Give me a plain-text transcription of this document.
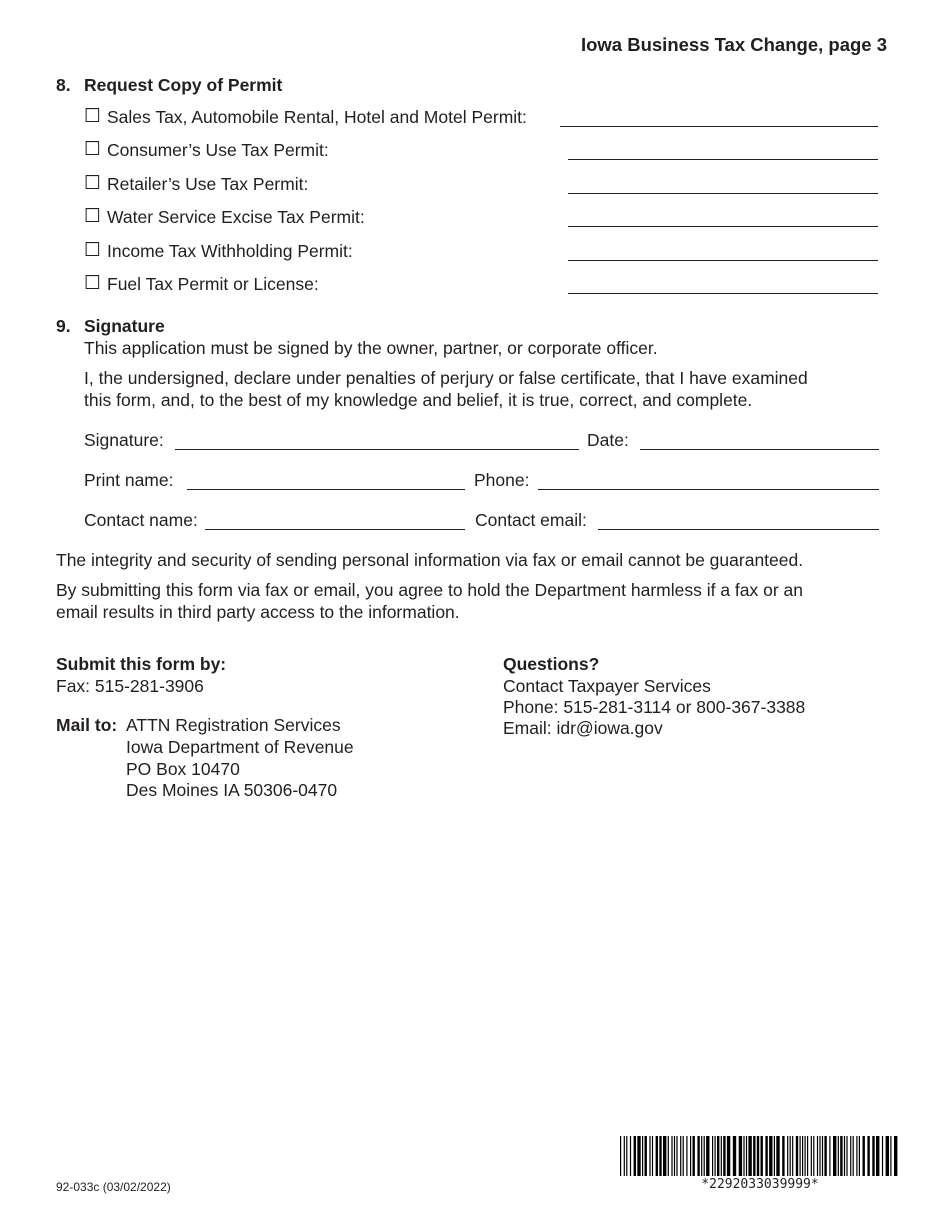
Iowa Business Tax Change, page 3
8. Request Copy of Permit
☐ Sales Tax, Automobile Rental, Hotel and Motel Permit:
☐ Consumer’s Use Tax Permit:
☐ Retailer’s Use Tax Permit:
☐ Water Service Excise Tax Permit:
☐ Income Tax Withholding Permit:
☐ Fuel Tax Permit or License:
9. Signature
This application must be signed by the owner, partner, or corporate officer.
I, the undersigned, declare under penalties of perjury or false certificate, that I have examined
this form, and, to the best of my knowledge and belief, it is true, correct, and complete.
Signature:	Date:
Print name:	Phone:
Contact name:	Contact email:
The integrity and security of sending personal information via fax or email cannot be guaranteed.
By submitting this form via fax or email, you agree to hold the Department harmless if a fax or an
email results in third party access to the information.
Submit this form by:
Fax: 515-281-3906
Mail to: ATTN Registration Services
Iowa Department of Revenue
PO Box 10470
Des Moines IA 50306-0470
Questions?
Contact Taxpayer Services
Phone: 515-281-3114 or 800-367-3388
Email: idr@iowa.gov
92-033c (03/02/2022)	*2292033039999*
